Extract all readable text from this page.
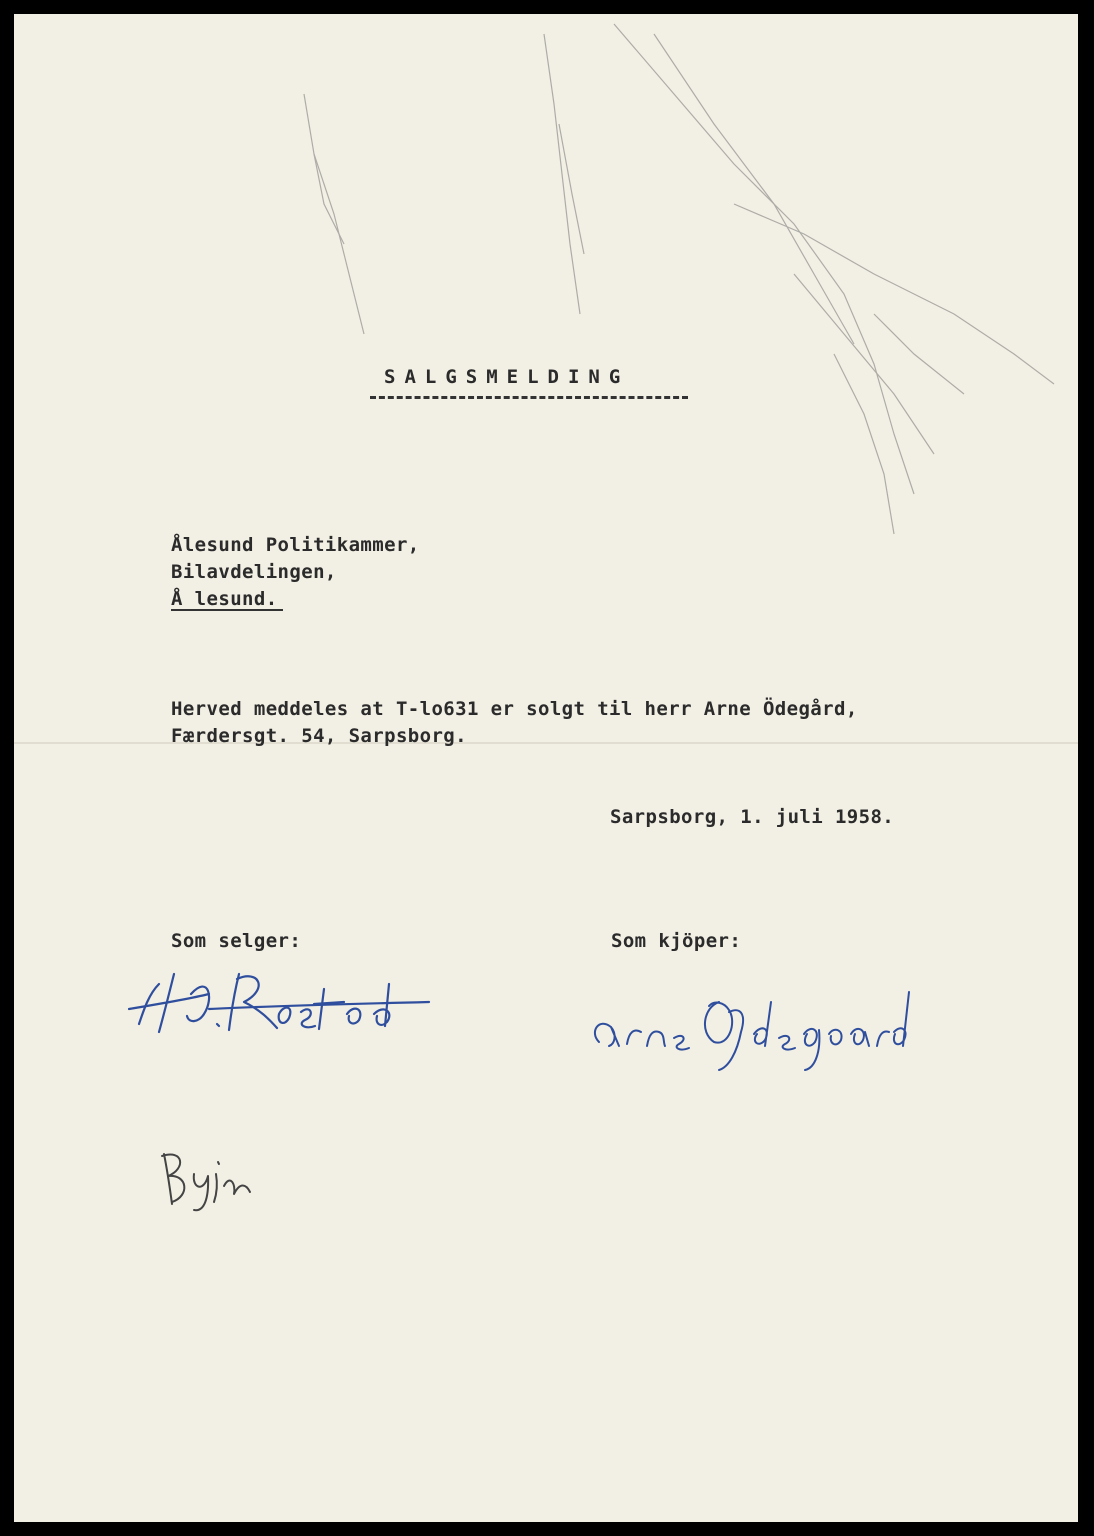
SALGSMELDING
Ålesund Politikammer,
Bilavdelingen,
Å lesund.
Herved meddeles at T-lo631 er solgt til herr Arne Ödegård,
Færdersgt. 54, Sarpsborg.
Sarpsborg, 1. juli 1958.
Som selger:	Som kjöper:
